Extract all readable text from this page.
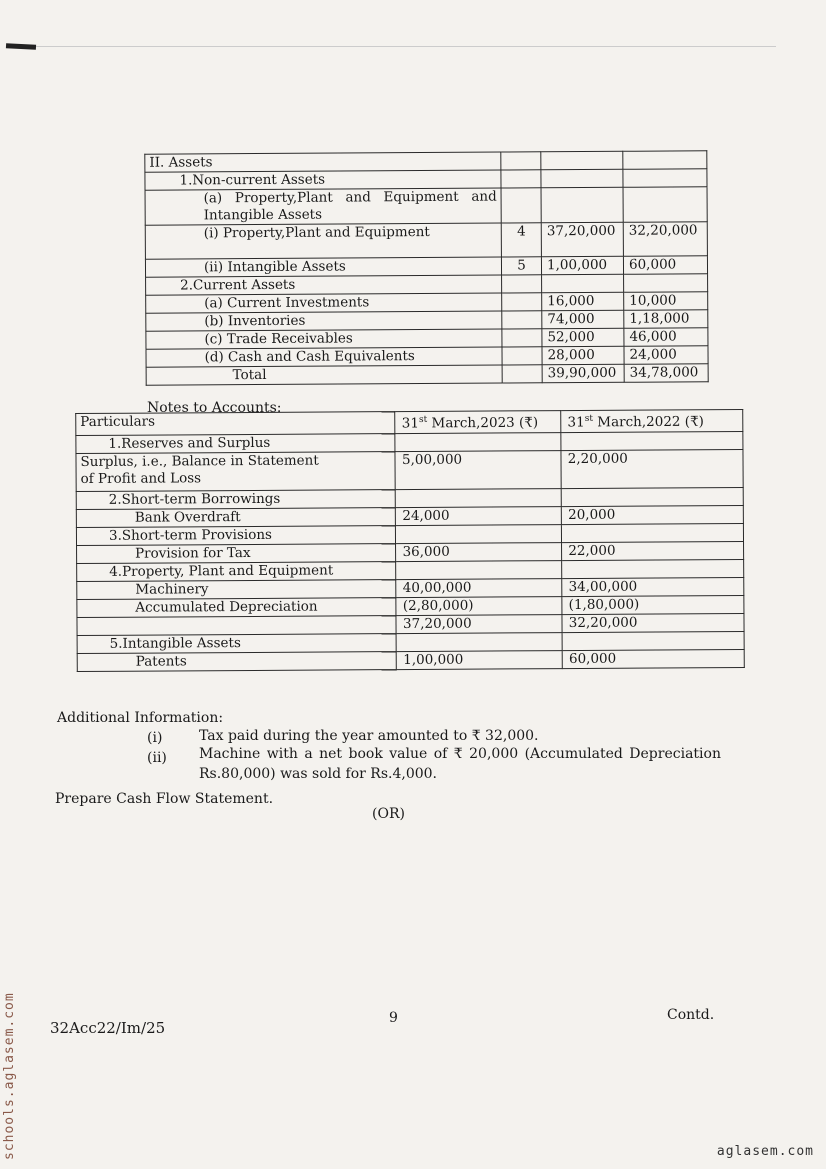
II. Assets			
1.Non-current Assets			
(a) Property,Plant and Equipment and Intangible Assets			
(i) Property,Plant and Equipment	4	37,20,000	32,20,000
(ii) Intangible Assets	5	1,00,000	60,000
2.Current Assets			
(a) Current Investments		16,000	10,000
(b) Inventories		74,000	1,18,000
(c) Trade Receivables		52,000	46,000
(d) Cash and Cash Equivalents		28,000	24,000
Total		39,90,000	34,78,000
Notes to Accounts:
Particulars	31st March,2023 (₹)	31st March,2022 (₹)
1.Reserves and Surplus		
Surplus, i.e., Balance in Statement of Profit and Loss	5,00,000	2,20,000
2.Short-term Borrowings		
Bank Overdraft	24,000	20,000
3.Short-term Provisions		
Provision for Tax	36,000	22,000
4.Property, Plant and Equipment		
Machinery	40,00,000	34,00,000
Accumulated Depreciation	(2,80,000)	(1,80,000)
	37,20,000	32,20,000
5.Intangible Assets		
Patents	1,00,000	60,000
Additional Information:
(i)	Tax paid during the year amounted to ₹ 32,000.
(ii) Machine with a net book value of ₹ 20,000 (Accumulated Depreciation
Rs.80,000) was sold for Rs.4,000.
Prepare Cash Flow Statement.
(OR)
9	Contd.
32Acc22/Im/25
schools.aglasem.com	aglasem.com
